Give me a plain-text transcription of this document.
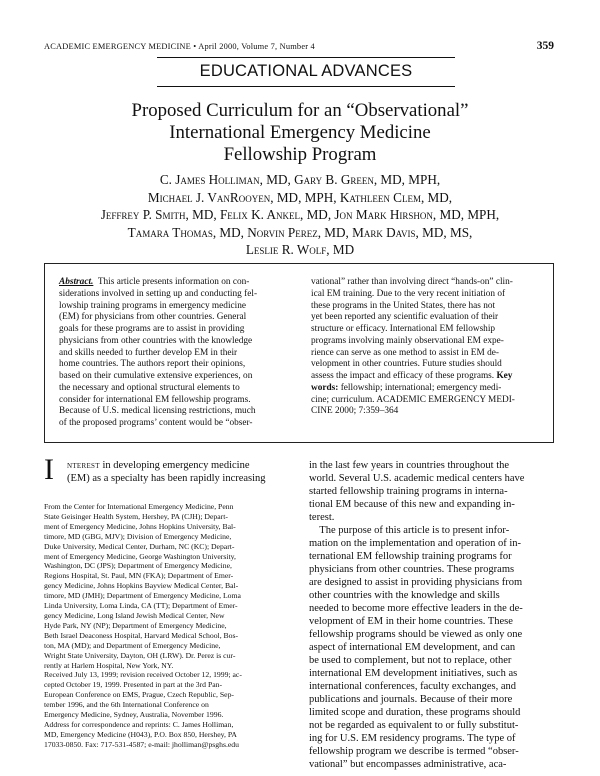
ACADEMIC EMERGENCY MEDICINE • April 2000, Volume 7, Number 4	359
EDUCATIONAL ADVANCES
Proposed Curriculum for an “Observational”
International Emergency Medicine
Fellowship Program
C. James Holliman, MD, Gary B. Green, MD, MPH,
Michael J. VanRooyen, MD, MPH, Kathleen Clem, MD,
Jeffrey P. Smith, MD, Felix K. Ankel, MD, Jon Mark Hirshon, MD, MPH,
Tamara Thomas, MD, Norvin Perez, MD, Mark Davis, MD, MS,
Leslie R. Wolf, MD
Abstract. This article presents information on con-
siderations involved in setting up and conducting fel-
lowship training programs in emergency medicine
(EM) for physicians from other countries. General
goals for these programs are to assist in providing
physicians from other countries with the knowledge
and skills needed to further develop EM in their
home countries. The authors report their opinions,
based on their cumulative extensive experiences, on
the necessary and optional structural elements to
consider for international EM fellowship programs.
Because of U.S. medical licensing restrictions, much
of the proposed programs’ content would be “obser-
vational” rather than involving direct “hands-on” clin-
ical EM training. Due to the very recent initiation of
these programs in the United States, there has not
yet been reported any scientific evaluation of their
structure or efficacy. International EM fellowship
programs involving mainly observational EM expe-
rience can serve as one method to assist in EM de-
velopment in other countries. Future studies should
assess the impact and efficacy of these programs. Key
words: fellowship; international; emergency medi-
cine; curriculum. ACADEMIC EMERGENCY MEDI-
CINE 2000; 7:359–364
I nterest in developing emergency medicine
(EM) as a specialty has been rapidly increasing
From the Center for International Emergency Medicine, Penn
State Geisinger Health System, Hershey, PA (CJH); Depart-
ment of Emergency Medicine, Johns Hopkins University, Bal-
timore, MD (GBG, MJV); Division of Emergency Medicine,
Duke University, Medical Center, Durham, NC (KC); Depart-
ment of Emergency Medicine, George Washington University,
Washington, DC (JPS); Department of Emergency Medicine,
Regions Hospital, St. Paul, MN (FKA); Department of Emer-
gency Medicine, Johns Hopkins Bayview Medical Center, Bal-
timore, MD (JMH); Department of Emergency Medicine, Loma
Linda University, Loma Linda, CA (TT); Department of Emer-
gency Medicine, Long Island Jewish Medical Center, New
Hyde Park, NY (NP); Department of Emergency Medicine,
Beth Israel Deaconess Hospital, Harvard Medical School, Bos-
ton, MA (MD); and Department of Emergency Medicine,
Wright State University, Dayton, OH (LRW). Dr. Perez is cur-
rently at Harlem Hospital, New York, NY.
Received July 13, 1999; revision received October 12, 1999; ac-
cepted October 19, 1999. Presented in part at the 3rd Pan-
European Conference on EMS, Prague, Czech Republic, Sep-
tember 1996, and the 6th International Conference on
Emergency Medicine, Sydney, Australia, November 1996.
Address for correspondence and reprints: C. James Holliman,
MD, Emergency Medicine (H043), P.O. Box 850, Hershey, PA
17033-0850. Fax: 717-531-4587; e-mail: jholliman@psghs.edu
in the last few years in countries throughout the
world. Several U.S. academic medical centers have
started fellowship training programs in interna-
tional EM because of this new and expanding in-
terest.
The purpose of this article is to present infor-
mation on the implementation and operation of in-
ternational EM fellowship training programs for
physicians from other countries. These programs
are designed to assist in providing physicians from
other countries with the knowledge and skills
needed to become more effective leaders in the de-
velopment of EM in their home countries. These
fellowship programs should be viewed as only one
aspect of international EM development, and can
be used to complement, but not to replace, other
international EM development initiatives, such as
international conferences, faculty exchanges, and
publications and journals. Because of their more
limited scope and duration, these programs should
not be regarded as equivalent to or fully substitut-
ing for U.S. EM residency programs. The type of
fellowship program we describe is termed “obser-
vational” but encompasses administrative, aca-
